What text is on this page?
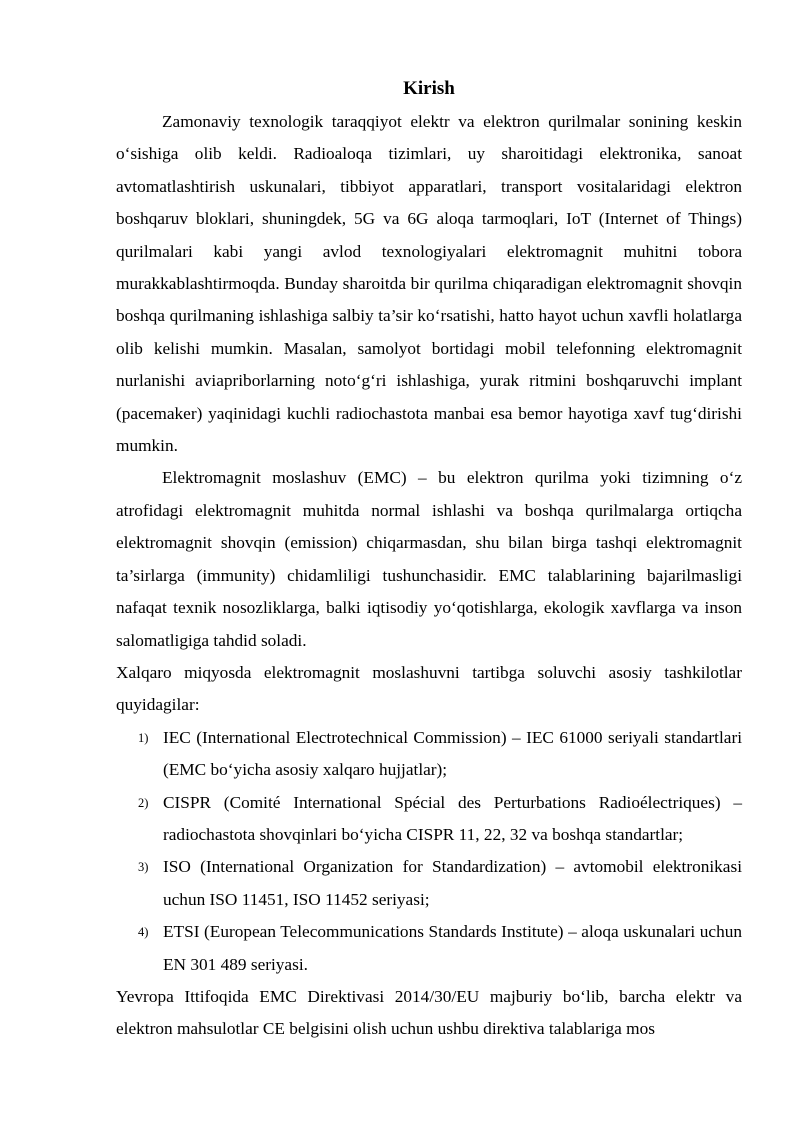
Kirish

Zamonaviy texnologik taraqqiyot elektr va elektron qurilmalar sonining keskin o‘sishiga olib keldi. Radioaloqa tizimlari, uy sharoitidagi elektronika, sanoat avtomatlashtirish uskunalari, tibbiyot apparatlari, transport vositalaridagi elektron boshqaruv bloklari, shuningdek, 5G va 6G aloqa tarmoqlari, IoT (Internet of Things) qurilmalari kabi yangi avlod texnologiyalari elektromagnit muhitni tobora murakkablashtirmoqda. Bunday sharoitda bir qurilma chiqaradigan elektromagnit shovqin boshqa qurilmaning ishlashiga salbiy ta’sir ko‘rsatishi, hatto hayot uchun xavfli holatlarga olib kelishi mumkin. Masalan, samolyot bortidagi mobil telefonning elektromagnit nurlanishi aviapriborlarning noto‘g‘ri ishlashiga, yurak ritmini boshqaruvchi implant (pacemaker) yaqinidagi kuchli radiochastota manbai esa bemor hayotiga xavf tug‘dirishi mumkin.

Elektromagnit moslashuv (EMC) – bu elektron qurilma yoki tizimning o‘z atrofidagi elektromagnit muhitda normal ishlashi va boshqa qurilmalarga ortiqcha elektromagnit shovqin (emission) chiqarmasdan, shu bilan birga tashqi elektromagnit ta’sirlarga (immunity) chidamliligi tushunchasidir. EMC talablarining bajarilmasligi nafaqat texnik nosozliklarga, balki iqtisodiy yo‘qotishlarga, ekologik xavflarga va inson salomatligiga tahdid soladi.

Xalqaro miqyosda elektromagnit moslashuvni tartibga soluvchi asosiy tashkilotlar quyidagilar:

1) IEC (International Electrotechnical Commission) – IEC 61000 seriyali standartlari (EMC bo‘yicha asosiy xalqaro hujjatlar);
2) CISPR (Comité International Spécial des Perturbations Radioélectriques) – radiochastota shovqinlari bo‘yicha CISPR 11, 22, 32 va boshqa standartlar;
3) ISO (International Organization for Standardization) – avtomobil elektronikasi uchun ISO 11451, ISO 11452 seriyasi;
4) ETSI (European Telecommunications Standards Institute) – aloqa uskunalari uchun EN 301 489 seriyasi.

Yevropa Ittifoqida EMC Direktivasi 2014/30/EU majburiy bo‘lib, barcha elektr va elektron mahsulotlar CE belgisini olish uchun ushbu direktiva talablariga mos
